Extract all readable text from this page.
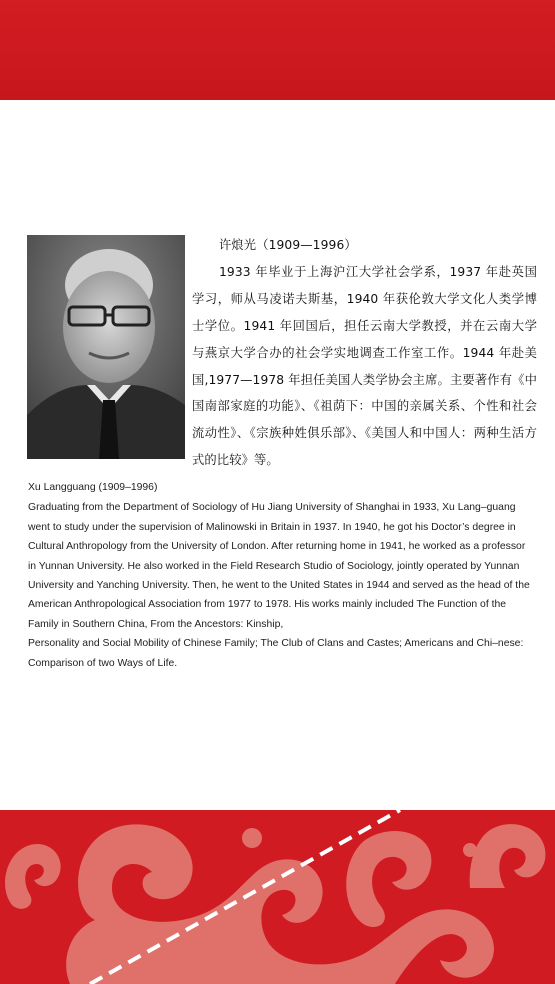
许烺光（1909—1996）

1933 年毕业于上海沪江大学社会学系，1937 年赴英国学习，师从马凌诺夫斯基，1940 年获伦敦大学文化人类学博士学位。1941 年回国后，担任云南大学教授，并在云南大学与燕京大学合办的社会学实地调查工作室工作。1944 年赴美国,1977—1978 年担任美国人类学协会主席。主要著作有《中国南部家庭的功能》、《祖荫下：中国的亲属关系、个性和社会流动性》、《宗族种姓俱乐部》、《美国人和中国人：两种生活方式的比较》等。

Xu Langguang (1909–1996)

Graduating from the Department of Sociology of Hu Jiang University of Shanghai in 1933, Xu Lang–guang went to study under the supervision of Malinowski in Britain in 1937. In 1940, he got his Doctor’s degree in Cultural Anthropology from the University of London. After returning home in 1941, he worked as a professor in Yunnan University. He also worked in the Field Research Studio of Sociology, jointly operated by Yunnan University and Yanching University. Then, he went to the United States in 1944 and served as the head of the American Anthropological Association from 1977 to 1978. His works mainly included The Function of the Family in Southern China, From the Ancestors: Kinship,

Personality and Social Mobility of Chinese Family; The Club of Clans and Castes; Americans and Chi–nese: Comparison of two Ways of Life.
